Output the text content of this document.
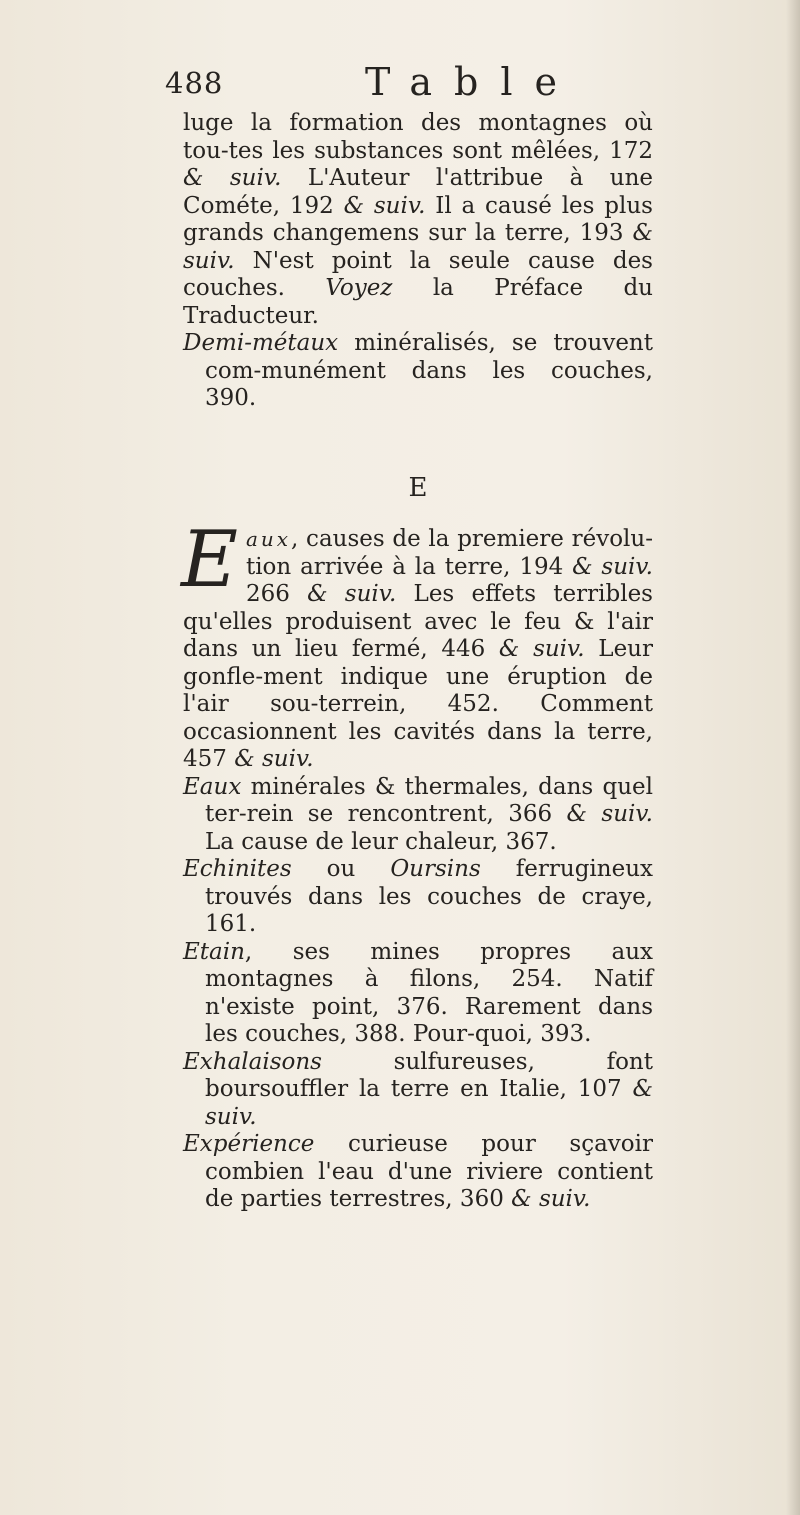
488	Table

luge la formation des montagnes où tou-tes les substances sont mêlées, 172 & suiv. L'Auteur l'attribue à une Cométe, 192 & suiv. Il a causé les plus grands changemens sur la terre, 193 & suiv. N'est point la seule cause des couches. Voyez la Préface du Traducteur.

Demi-métaux minéralisés, se trouvent com-munément dans les couches, 390.

E

Eaux, causes de la premiere révolu-tion arrivée à la terre, 194 & suiv. 266 & suiv. Les effets terribles qu'elles produisent avec le feu & l'air dans un lieu fermé, 446 & suiv. Leur gonfle-ment indique une éruption de l'air sou-terrein, 452. Comment occasionnent les cavités dans la terre, 457 & suiv.

Eaux minérales & thermales, dans quel ter-rein se rencontrent, 366 & suiv. La cause de leur chaleur, 367.

Echinites ou Oursins ferrugineux trouvés dans les couches de craye, 161.

Etain, ses mines propres aux montagnes à filons, 254. Natif n'existe point, 376. Rarement dans les couches, 388. Pour-quoi, 393.

Exhalaisons sulfureuses, font boursouffler la terre en Italie, 107 & suiv.

Expérience curieuse pour sçavoir combien l'eau d'une riviere contient de parties terrestres, 360 & suiv.
